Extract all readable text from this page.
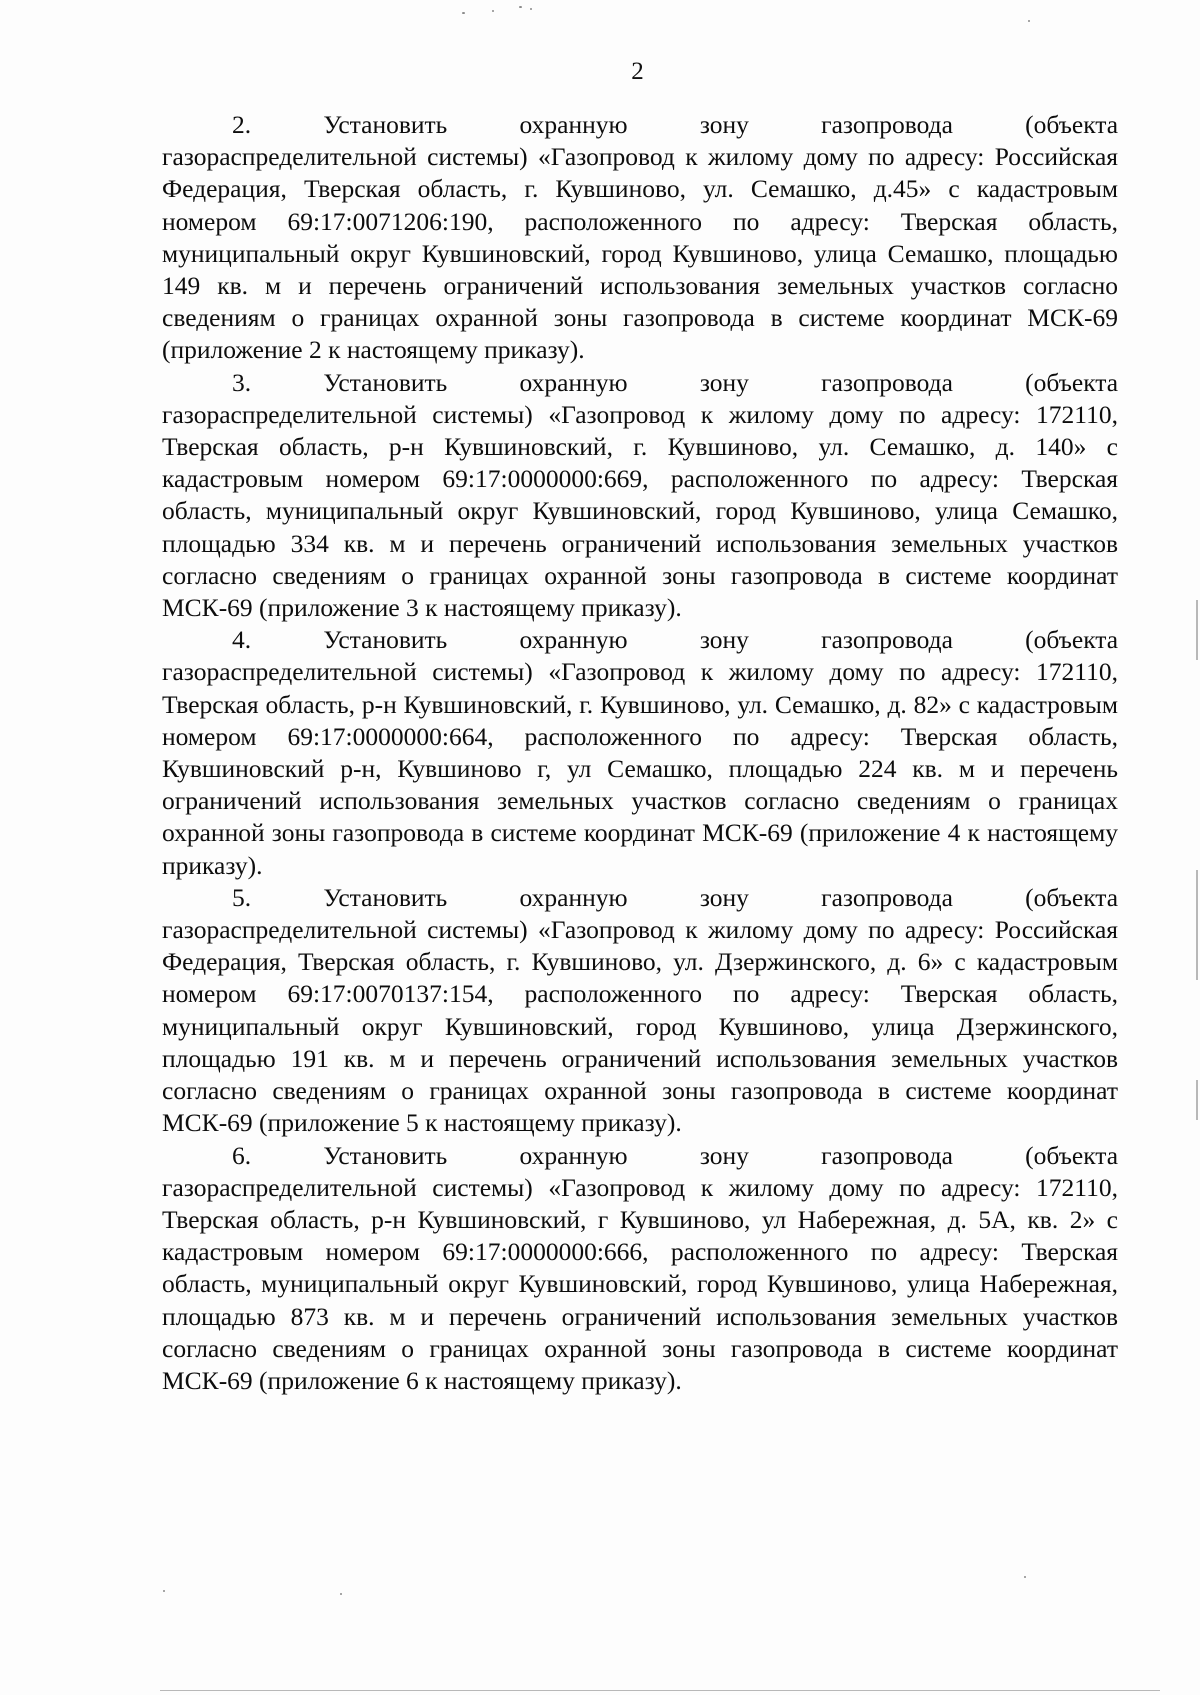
2

2.	Установить	охранную	зону	газопровода	(объекта

газораспределительной системы) «Газопровод к жилому дому по адресу: Российская Федерация, Тверская область, г. Кувшиново, ул. Семашко, д.45» с кадастровым номером 69:17:0071206:190, расположенного по адресу: Тверская область, муниципальный округ Кувшиновский, город Кувшиново, улица Семашко, площадью 149 кв. м и перечень ограничений использования земельных участков согласно сведениям о границах охранной зоны газопровода в системе координат МСК-69 (приложение 2 к настоящему приказу).

3.	Установить	охранную	зону	газопровода	(объекта

газораспределительной системы) «Газопровод к жилому дому по адресу: 172110, Тверская область, р-н Кувшиновский, г. Кувшиново, ул. Семашко, д. 140» с кадастровым номером 69:17:0000000:669, расположенного по адресу: Тверская область, муниципальный округ Кувшиновский, город Кувшиново, улица Семашко, площадью 334 кв. м и перечень ограничений использования земельных участков согласно сведениям о границах охранной зоны газопровода в системе координат МСК-69 (приложение 3 к настоящему приказу).

4.	Установить	охранную	зону	газопровода	(объекта

газораспределительной системы) «Газопровод к жилому дому по адресу: 172110, Тверская область, р-н Кувшиновский, г. Кувшиново, ул. Семашко, д. 82» с кадастровым номером 69:17:0000000:664, расположенного по адресу: Тверская область, Кувшиновский р-н, Кувшиново г, ул Семашко, площадью 224 кв. м и перечень ограничений использования земельных участков согласно сведениям о границах охранной зоны газопровода в системе координат МСК-69 (приложение 4 к настоящему приказу).

5.	Установить	охранную	зону	газопровода	(объекта

газораспределительной системы) «Газопровод к жилому дому по адресу: Российская Федерация, Тверская область, г. Кувшиново, ул. Дзержинского, д. 6» с кадастровым номером 69:17:0070137:154, расположенного по адресу: Тверская область, муниципальный округ Кувшиновский, город Кувшиново, улица Дзержинского, площадью 191 кв. м и перечень ограничений использования земельных участков согласно сведениям о границах охранной зоны газопровода в системе координат МСК-69 (приложение 5 к настоящему приказу).

6.	Установить	охранную	зону	газопровода	(объекта

газораспределительной системы) «Газопровод к жилому дому по адресу: 172110, Тверская область, р-н Кувшиновский, г Кувшиново, ул Набережная, д. 5А, кв. 2» с кадастровым номером 69:17:0000000:666, расположенного по адресу: Тверская область, муниципальный округ Кувшиновский, город Кувшиново, улица Набережная, площадью 873 кв. м и перечень ограничений использования земельных участков согласно сведениям о границах охранной зоны газопровода в системе координат МСК-69 (приложение 6 к настоящему приказу).
